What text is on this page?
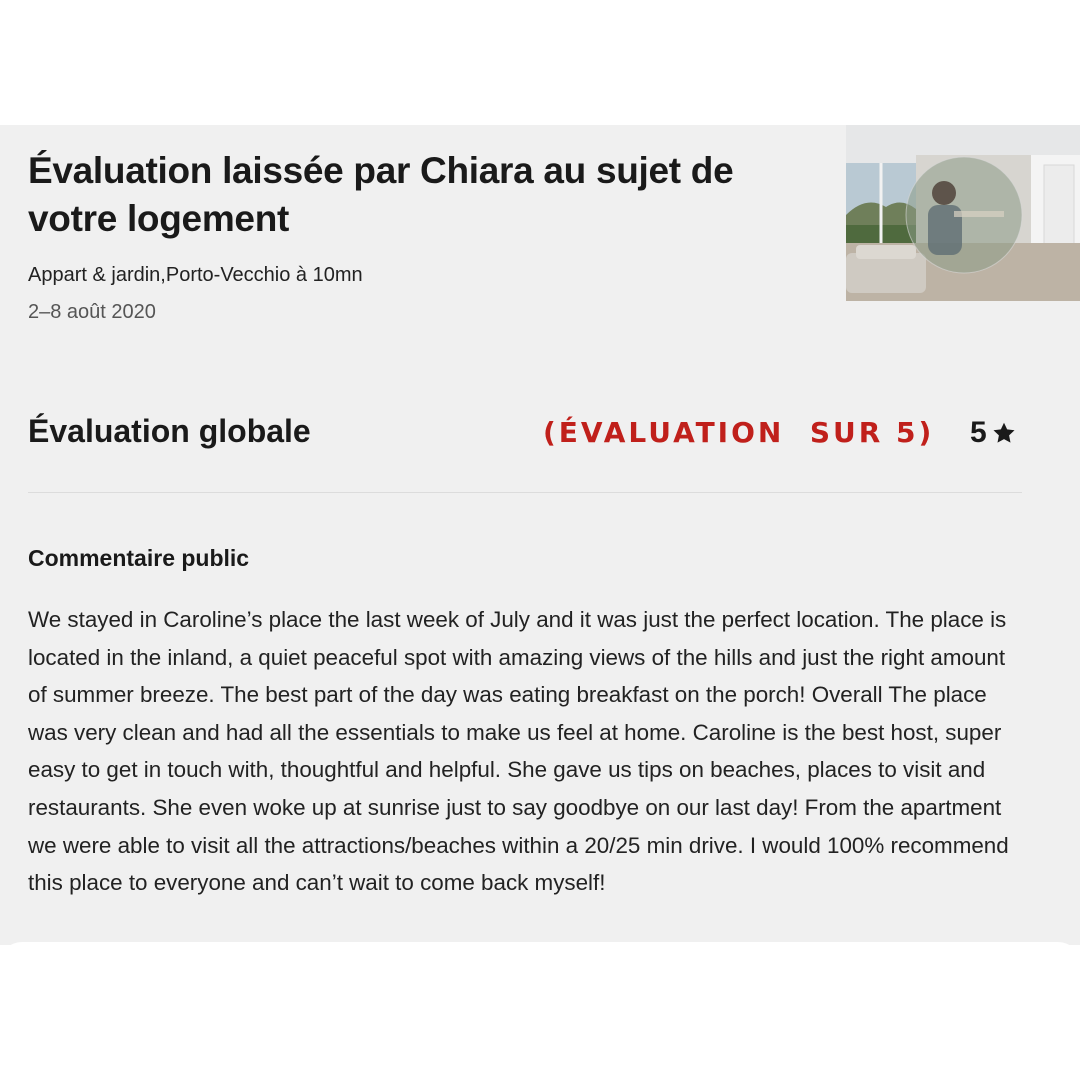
Évaluation laissée par Chiara au sujet de votre logement
Appart & jardin,Porto-Vecchio à 10mn
2–8 août 2020
Évaluation globale	(ÉVALUATION  SUR 5) 5
Commentaire public
We stayed in Caroline’s place the last week of July and it was just the perfect location. The place is located in the inland, a quiet peaceful spot with amazing views of the hills and just the right amount of summer breeze. The best part of the day was eating breakfast on the porch! Overall The place was very clean and had all the essentials to make us feel at home. Caroline is the best host, super easy to get in touch with, thoughtful and helpful. She gave us tips on beaches, places to visit and restaurants. She even woke up at sunrise just to say goodbye on our last day! From the apartment we were able to visit all the attractions/beaches within a 20/25 min drive. I would 100% recommend this place to everyone and can’t wait to come back myself!
